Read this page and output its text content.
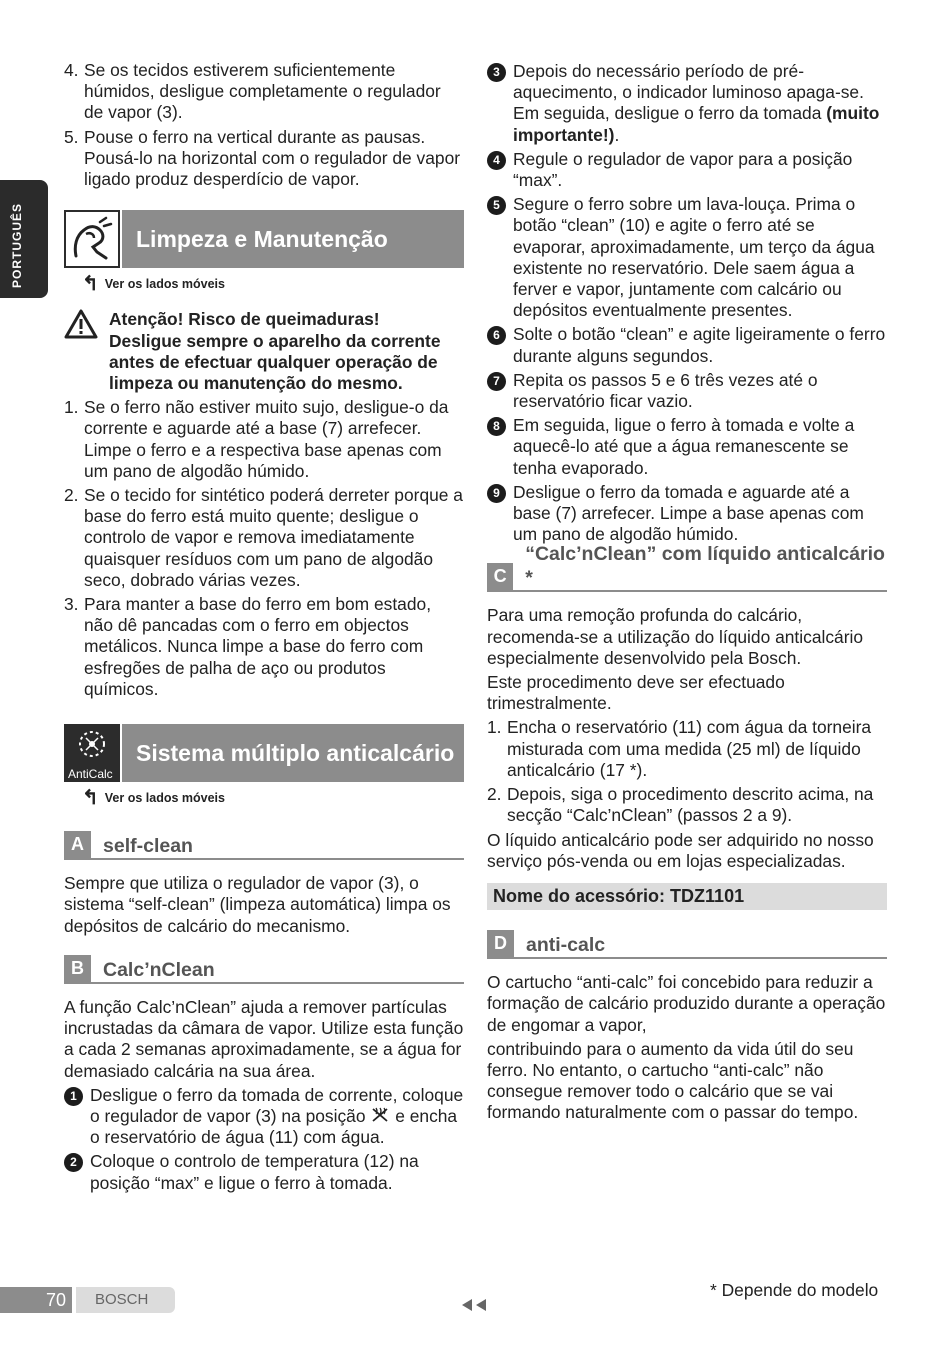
PORTUGUÊS
4. Se os tecidos estiverem suficientemente húmidos, desligue completamente o regulador de vapor (3).
5. Pouse o ferro na vertical durante as pausas. Pousá-lo na horizontal com o regulador de vapor ligado produz desperdício de vapor.
Limpeza e Manutenção
↰ Ver os lados móveis
Atenção! Risco de queimaduras!
Desligue sempre o aparelho da corrente antes de efectuar qualquer operação de limpeza ou manutenção do mesmo.
1. Se o ferro não estiver muito sujo, desligue-o da corrente e aguarde até a base (7) arrefecer. Limpe o ferro e a respectiva base apenas com um pano de algodão húmido.
2. Se o tecido for sintético poderá derreter porque a base do ferro está muito quente; desligue o controlo de vapor e remova imediatamente quaisquer resíduos com um pano de algodão seco, dobrado várias vezes.
3. Para manter a base do ferro em bom estado, não dê pancadas com o ferro em objectos metálicos. Nunca limpe a base do ferro com esfregões de palha de aço ou produtos químicos.
AntiCalc
Sistema múltiplo anticalcário
↰ Ver os lados móveis
A self-clean

Sempre que utiliza o regulador de vapor (3), o sistema “self-clean” (limpeza automática) limpa os depósitos de calcário do mecanismo.

B Calc’nClean

A função Calc’nClean” ajuda a remover partículas incrustadas da câmara de vapor. Utilize esta função a cada 2 semanas aproximadamente, se a água for demasiado calcária na sua área.

1 Desligue o ferro da tomada de corrente, coloque o regulador de vapor (3) na posição e encha o reservatório de água (11) com água.
2 Coloque o controlo de temperatura (12) na posição “max” e ligue o ferro à tomada.
3 Depois do necessário período de pré-aquecimento, o indicador luminoso apaga-se. Em seguida, desligue o ferro da tomada (muito importante!).
4 Regule o regulador de vapor para a posição “max”.
5 Segure o ferro sobre um lava-louça. Prima o botão “clean” (10) e agite o ferro até se evaporar, aproximadamente, um terço da água existente no reservatório. Dele saem água a ferver e vapor, juntamente com calcário ou depósitos eventualmente presentes.
6 Solte o botão “clean” e agite ligeiramente o ferro durante alguns segundos.
7 Repita os passos 5 e 6 três vezes até o reservatório ficar vazio.
8 Em seguida, ligue o ferro à tomada e volte a aquecê-lo até que a água remanescente se tenha evaporado.
9 Desligue o ferro da tomada e aguarde até a base (7) arrefecer. Limpe a base apenas com um pano de algodão húmido.
C
“Calc’nClean” com líquido anticalcário *

Para uma remoção profunda do calcário, recomenda-se a utilização do líquido anticalcário especialmente desenvolvido pela Bosch.

Este procedimento deve ser efectuado trimestralmente.

1. Encha o reservatório (11) com água da torneira misturada com uma medida (25 ml) de líquido anticalcário (17 *).
2. Depois, siga o procedimento descrito acima, na secção “Calc’nClean” (passos 2 a 9).

O líquido anticalcário pode ser adquirido no nosso serviço pós-venda ou em lojas especializadas.

Nome do acessório: TDZ1101
D anti-calc

O cartucho “anti-calc” foi concebido para reduzir a formação de calcário produzido durante a operação de engomar a vapor,

contribuindo para o aumento da vida útil do seu ferro. No entanto, o cartucho “anti-calc” não consegue remover todo o calcário que se vai formando naturalmente com o passar do tempo.

70	BOSCH	* Depende do modelo
